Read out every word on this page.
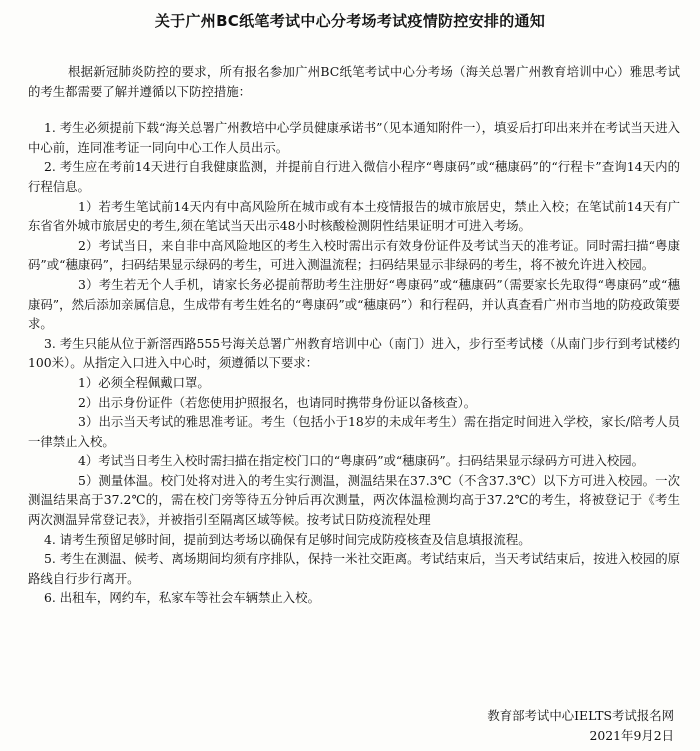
关于广州BC纸笔考试中心分考场考试疫情防控安排的通知

根据新冠肺炎防控的要求，所有报名参加广州BC纸笔考试中心分考场（海关总署广州教育培训中心）雅思考试的考生都需要了解并遵循以下防控措施：

1. 考生必须提前下载“海关总署广州教培中心学员健康承诺书”（见本通知附件一），填妥后打印出来并在考试当天进入中心前，连同准考证一同向中心工作人员出示。

2. 考生应在考前14天进行自我健康监测，并提前自行进入微信小程序“粤康码”或“穗康码”的“行程卡”查询14天内的行程信息。

1）若考生笔试前14天内有中高风险所在城市或有本土疫情报告的城市旅居史，禁止入校；在笔试前14天有广东省省外城市旅居史的考生,须在笔试当天出示48小时核酸检测阴性结果证明才可进入考场。

2）考试当日，来自非中高风险地区的考生入校时需出示有效身份证件及考试当天的准考证。同时需扫描“粤康码”或“穗康码”，扫码结果显示绿码的考生，可进入测温流程；扫码结果显示非绿码的考生，将不被允许进入校园。

3）考生若无个人手机，请家长务必提前帮助考生注册好“粤康码”或“穗康码”（需要家长先取得“粤康码”或“穗康码”，然后添加亲属信息，生成带有考生姓名的“粤康码”或“穗康码”）和行程码，并认真查看广州市当地的防疫政策要求。

3. 考生只能从位于新滘西路555号海关总署广州教育培训中心（南门）进入，步行至考试楼（从南门步行到考试楼约100米）。从指定入口进入中心时，须遵循以下要求：

1）必须全程佩戴口罩。

2）出示身份证件（若您使用护照报名，也请同时携带身份证以备核查）。

3）出示当天考试的雅思准考证。考生（包括小于18岁的未成年考生）需在指定时间进入学校，家长/陪考人员一律禁止入校。

4）考试当日考生入校时需扫描在指定校门口的“粤康码”或“穗康码”。扫码结果显示绿码方可进入校园。

5）测量体温。校门处将对进入的考生实行测温，测温结果在37.3℃（不含37.3℃）以下方可进入校园。一次测温结果高于37.2℃的，需在校门旁等待五分钟后再次测量，两次体温检测均高于37.2℃的考生，将被登记于《考生两次测温异常登记表》，并被指引至隔离区域等候。按考试日防疫流程处理

4. 请考生预留足够时间，提前到达考场以确保有足够时间完成防疫核查及信息填报流程。

5. 考生在测温、候考、离场期间均须有序排队，保持一米社交距离。考试结束后，当天考试结束后，按进入校园的原路线自行步行离开。

6. 出租车，网约车，私家车等社会车辆禁止入校。

教育部考试中心IELTS考试报名网
2021年9月2日
